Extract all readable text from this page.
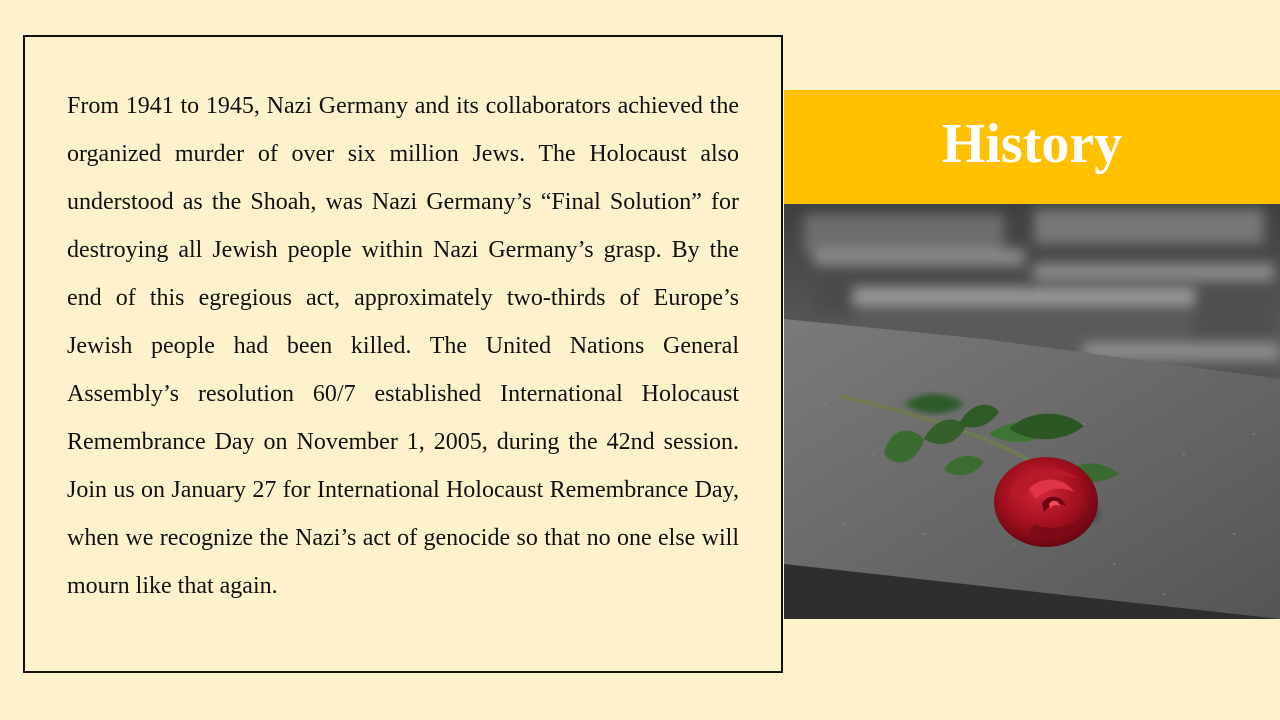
From 1941 to 1945, Nazi Germany and its collaborators achieved the organized murder of over six million Jews. The Holocaust also understood as the Shoah, was Nazi Germany’s “Final Solution” for destroying all Jewish people within Nazi Germany’s grasp. By the end of this egregious act, approximately two-thirds of Europe’s Jewish people had been killed. The United Nations General Assembly’s resolution 60/7 established International Holocaust Remembrance Day on November 1, 2005, during the 42nd session. Join us on January 27 for International Holocaust Remembrance Day, when we recognize the Nazi’s act of genocide so that no one else will mourn like that again.

History
